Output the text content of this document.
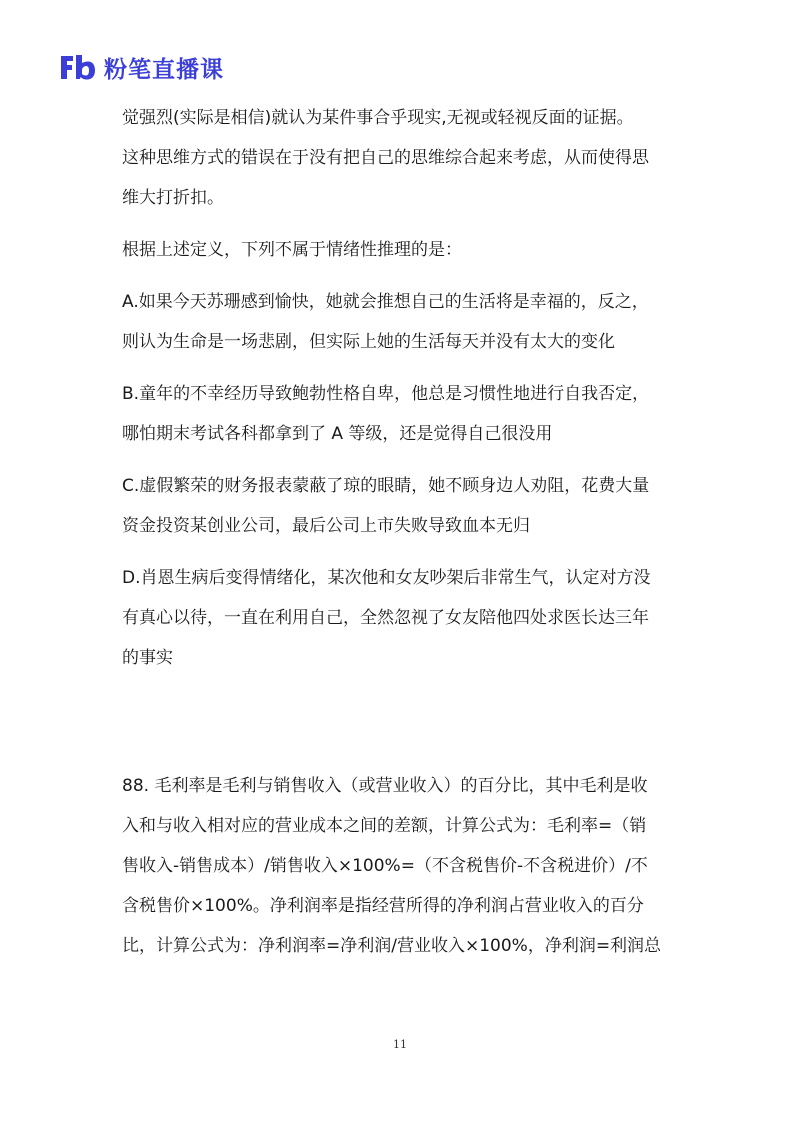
粉笔直播课
觉强烈(实际是相信)就认为某件事合乎现实,无视或轻视反面的证据。
这种思维方式的错误在于没有把自己的思维综合起来考虑，从而使得思
维大打折扣。
根据上述定义，下列不属于情绪性推理的是：
A.如果今天苏珊感到愉快，她就会推想自己的生活将是幸福的，反之，
则认为生命是一场悲剧，但实际上她的生活每天并没有太大的变化
B.童年的不幸经历导致鲍勃性格自卑，他总是习惯性地进行自我否定，
哪怕期末考试各科都拿到了 A 等级，还是觉得自己很没用
C.虚假繁荣的财务报表蒙蔽了琼的眼睛，她不顾身边人劝阻，花费大量
资金投资某创业公司，最后公司上市失败导致血本无归
D.肖恩生病后变得情绪化，某次他和女友吵架后非常生气，认定对方没
有真心以待，一直在利用自己，全然忽视了女友陪他四处求医长达三年
的事实
88. 毛利率是毛利与销售收入（或营业收入）的百分比，其中毛利是收
入和与收入相对应的营业成本之间的差额，计算公式为：毛利率=（销
售收入-销售成本）/销售收入×100%=（不含税售价-不含税进价）/不
含税售价×100%。净利润率是指经营所得的净利润占营业收入的百分
比，计算公式为：净利润率=净利润/营业收入×100%，净利润=利润总
11
